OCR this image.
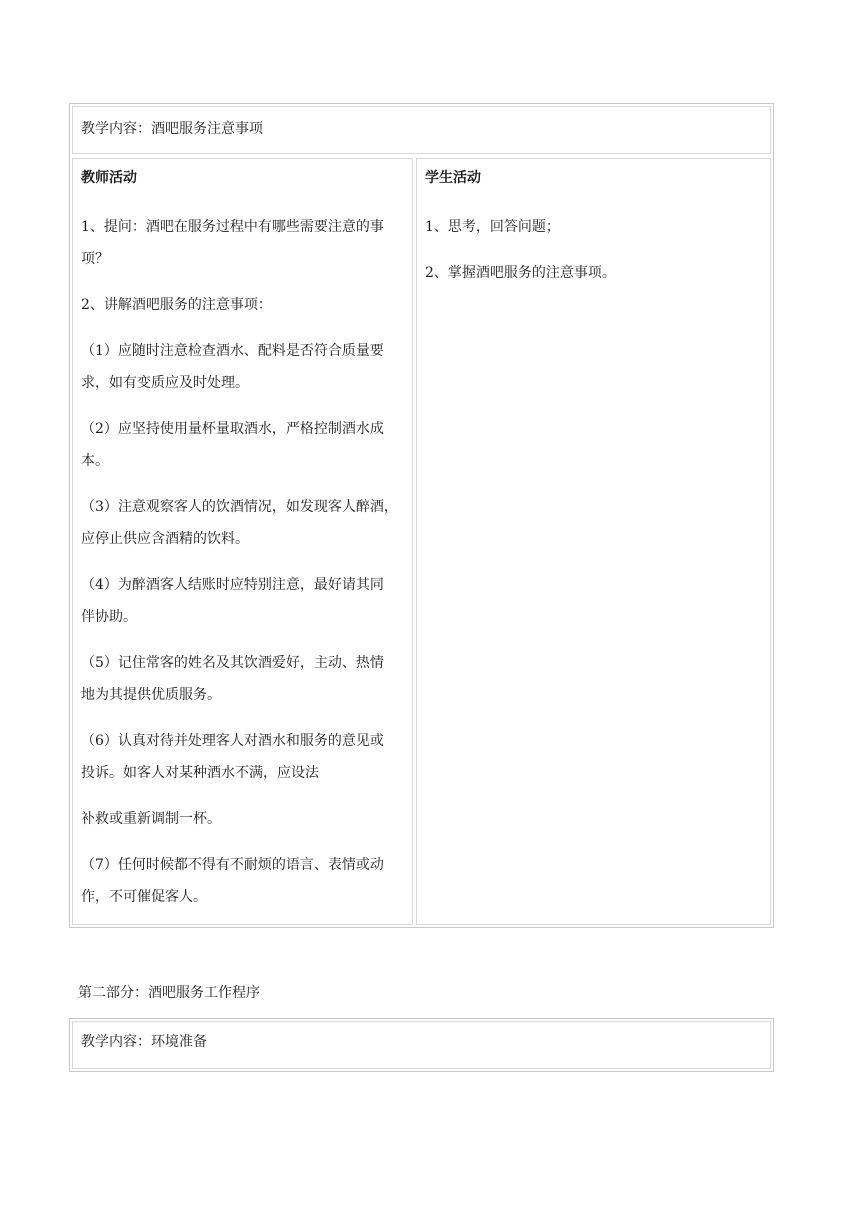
教学内容：酒吧服务注意事项
教师活动
1、提问：酒吧在服务过程中有哪些需要注意的事
项？
2、讲解酒吧服务的注意事项：
（1）应随时注意检查酒水、配料是否符合质量要
求，如有变质应及时处理。
（2）应坚持使用量杯量取酒水，严格控制酒水成
本。
（3）注意观察客人的饮酒情况，如发现客人醉酒，
应停止供应含酒精的饮料。
（4）为醉酒客人结账时应特别注意，最好请其同
伴协助。
（5）记住常客的姓名及其饮酒爱好，主动、热情
地为其提供优质服务。
（6）认真对待并处理客人对酒水和服务的意见或
投诉。如客人对某种酒水不满，应设法
补救或重新调制一杯。
（7）任何时候都不得有不耐烦的语言、表情或动
作，不可催促客人。
学生活动
1、思考，回答问题；
2、掌握酒吧服务的注意事项。
第二部分：酒吧服务工作程序
教学内容：环境准备
